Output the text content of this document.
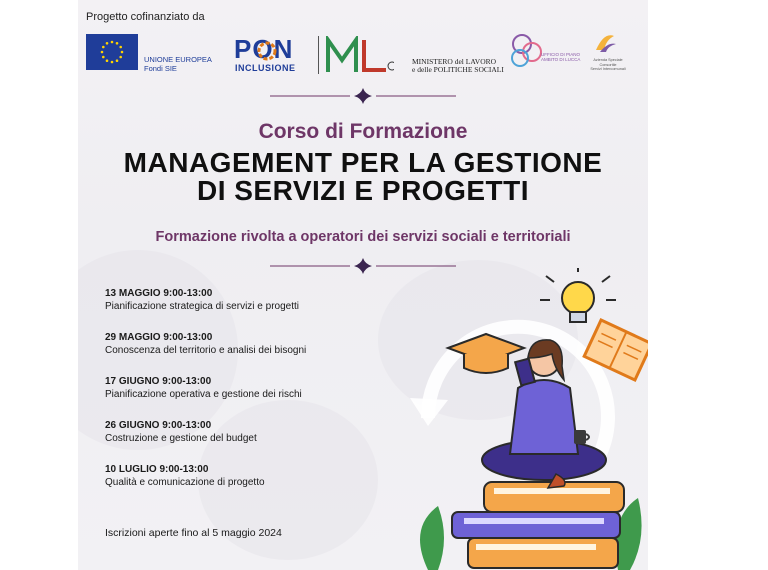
Progetto cofinanziato da
UNIONE EUROPEA
Fondi SIE
PON
INCLUSIONE
MINISTERO del LAVORO
e delle POLITICHE SOCIALI
UFFICIO DI PIANO
AMBITO DI LUCCA	Azienda Speciale Consortile
Servizi Intercomunali
Corso di Formazione
MANAGEMENT PER LA GESTIONE
DI SERVIZI E PROGETTI
Formazione rivolta a operatori dei servizi sociali e territoriali
13 MAGGIO 9:00-13:00
Pianificazione strategica di servizi e progetti
29 MAGGIO 9:00-13:00
Conoscenza del territorio e analisi dei bisogni
17 GIUGNO 9:00-13:00
Pianificazione operativa e gestione dei rischi
26 GIUGNO 9:00-13:00
Costruzione e gestione del budget
10 LUGLIO 9:00-13:00
Qualità e comunicazione di progetto
Iscrizioni aperte fino al 5 maggio 2024
